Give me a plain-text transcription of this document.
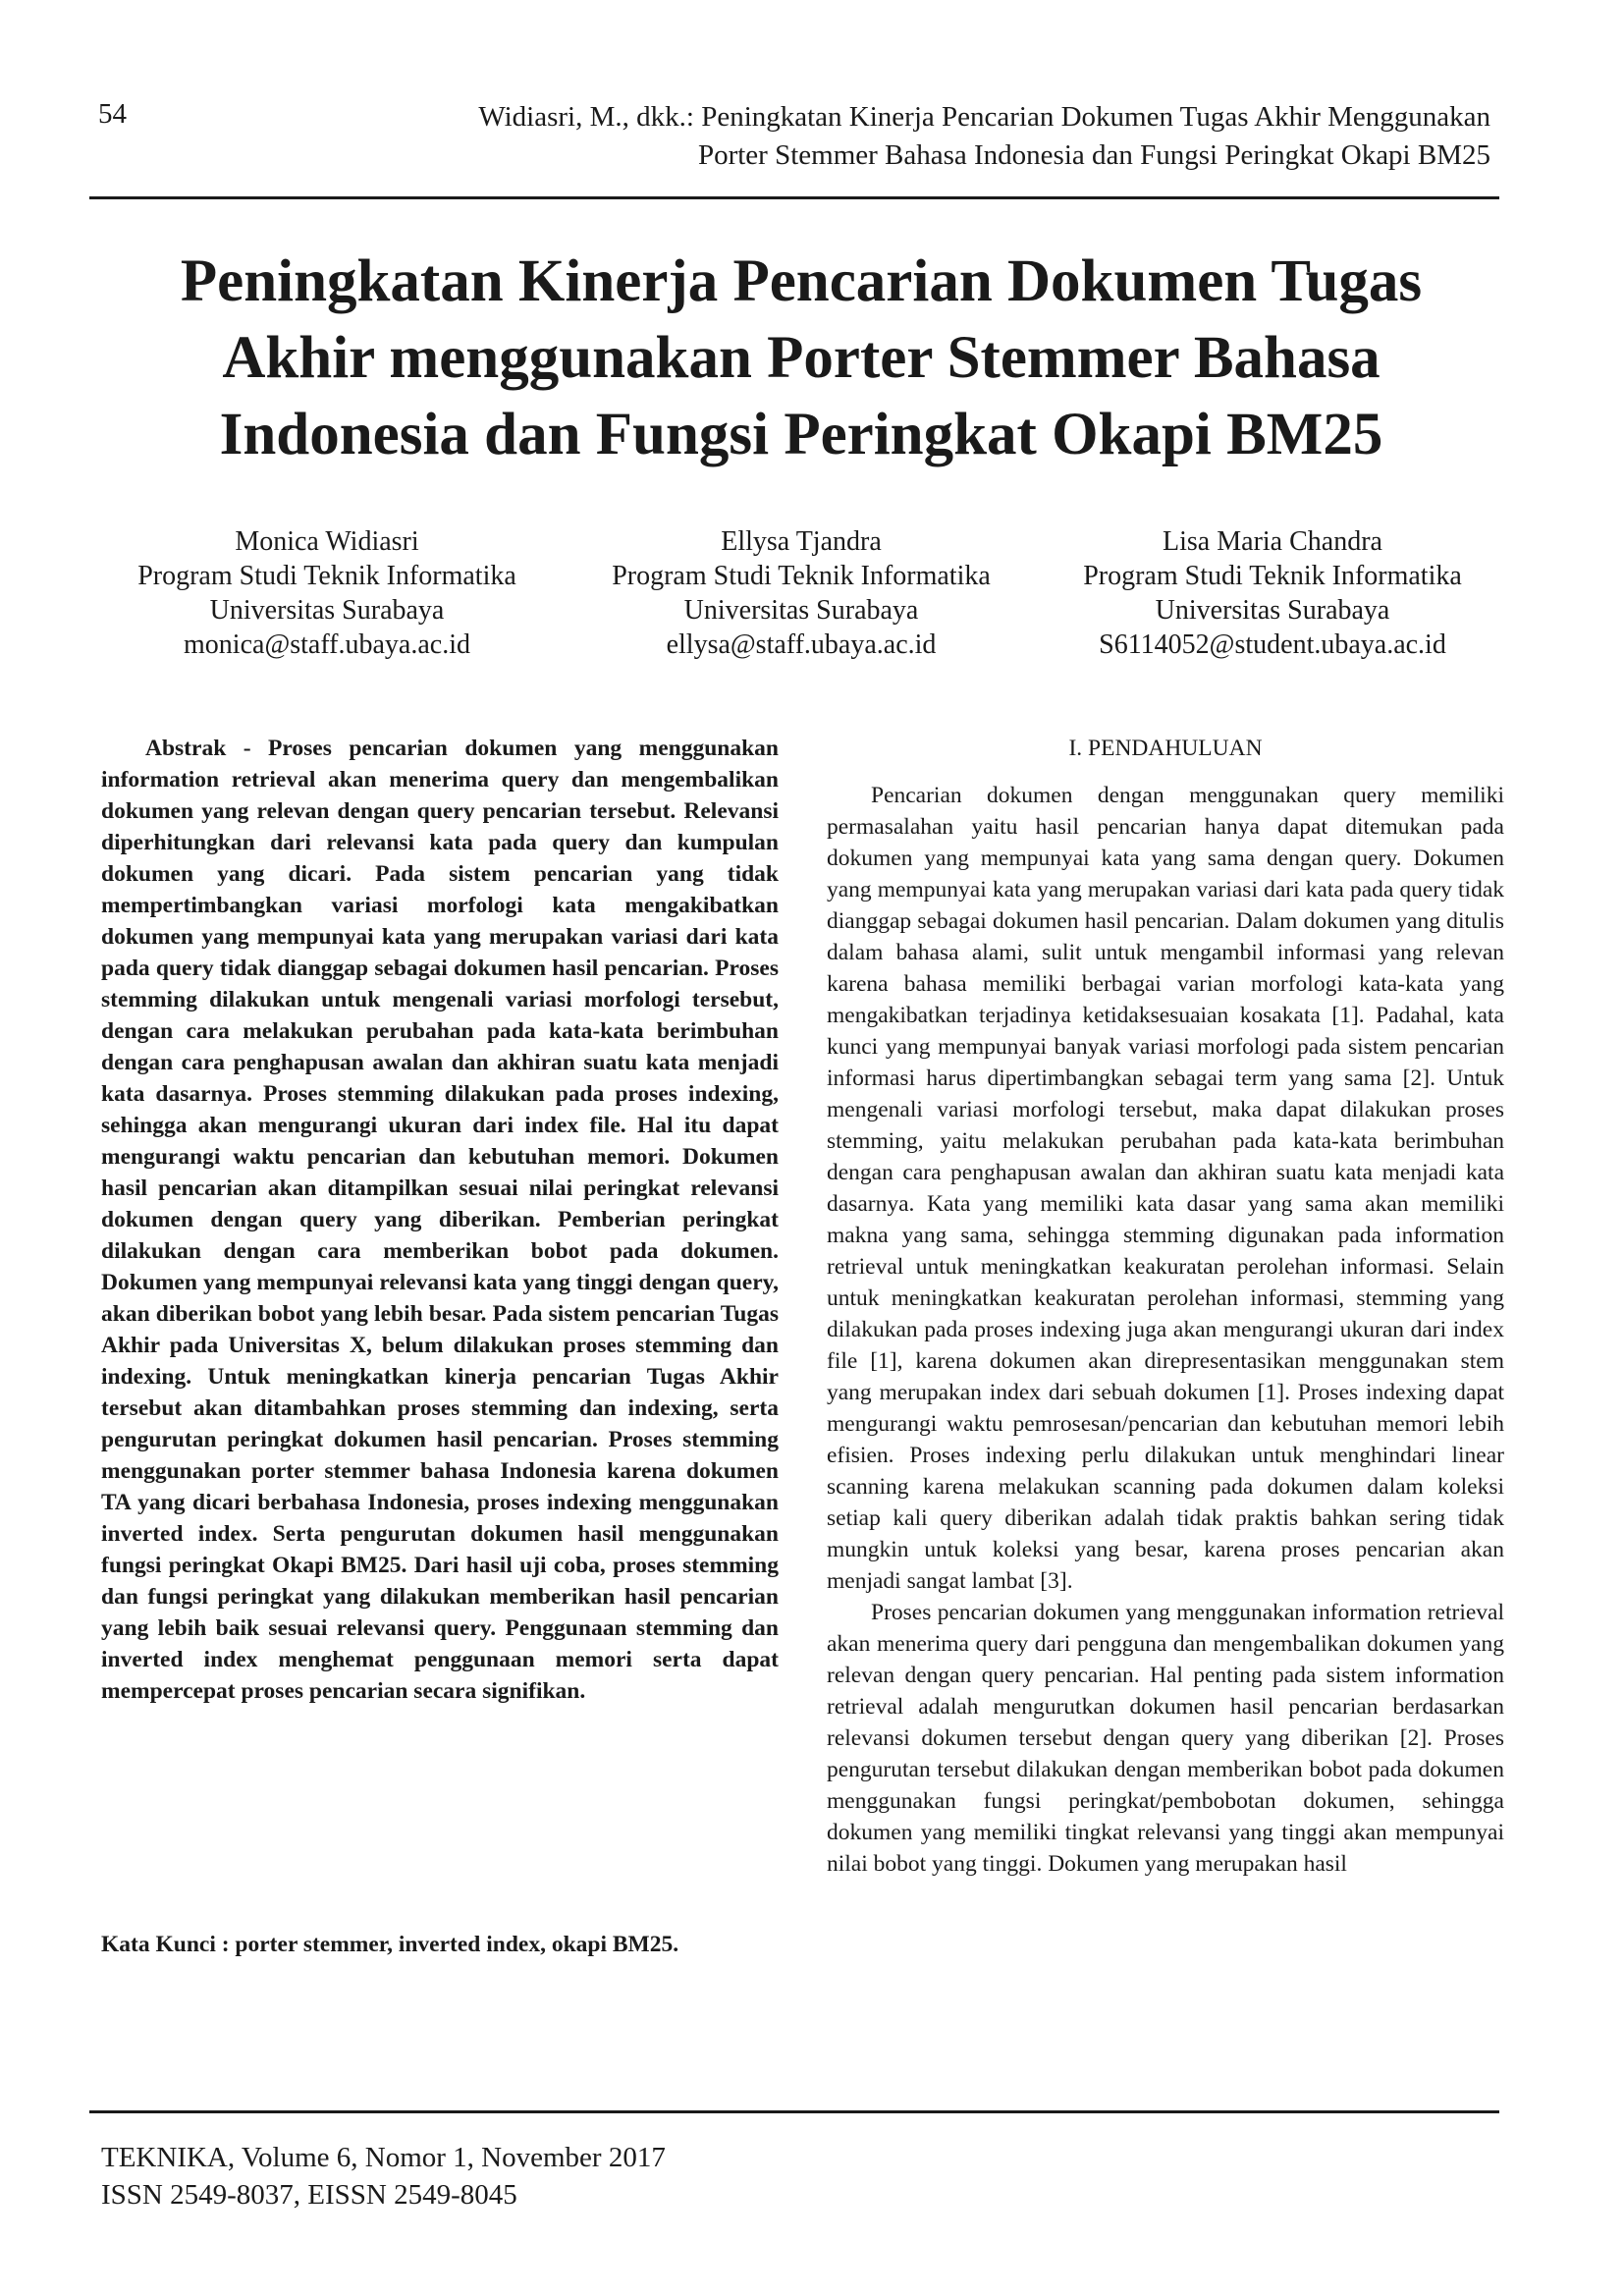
54	Widiasri, M., dkk.: Peningkatan Kinerja Pencarian Dokumen Tugas Akhir Menggunakan
Porter Stemmer Bahasa Indonesia dan Fungsi Peringkat Okapi BM25
Peningkatan Kinerja Pencarian Dokumen Tugas
Akhir menggunakan Porter Stemmer Bahasa
Indonesia dan Fungsi Peringkat Okapi BM25
Monica Widiasri
Program Studi Teknik Informatika
Universitas Surabaya
monica@staff.ubaya.ac.id
Ellysa Tjandra
Program Studi Teknik Informatika
Universitas Surabaya
ellysa@staff.ubaya.ac.id
Lisa Maria Chandra
Program Studi Teknik Informatika
Universitas Surabaya
S6114052@student.ubaya.ac.id

Abstrak - Proses pencarian dokumen yang menggunakan information retrieval akan menerima query dan mengembalikan dokumen yang relevan dengan query pencarian tersebut. Relevansi diperhitungkan dari relevansi kata pada query dan kumpulan dokumen yang dicari. Pada sistem pencarian yang tidak mempertimbangkan variasi morfologi kata mengakibatkan dokumen yang mempunyai kata yang merupakan variasi dari kata pada query tidak dianggap sebagai dokumen hasil pencarian. Proses stemming dilakukan untuk mengenali variasi morfologi tersebut, dengan cara melakukan perubahan pada kata-kata berimbuhan dengan cara penghapusan awalan dan akhiran suatu kata menjadi kata dasarnya. Proses stemming dilakukan pada proses indexing, sehingga akan mengurangi ukuran dari index file. Hal itu dapat mengurangi waktu pencarian dan kebutuhan memori. Dokumen hasil pencarian akan ditampilkan sesuai nilai peringkat relevansi dokumen dengan query yang diberikan. Pemberian peringkat dilakukan dengan cara memberikan bobot pada dokumen. Dokumen yang mempunyai relevansi kata yang tinggi dengan query, akan diberikan bobot yang lebih besar. Pada sistem pencarian Tugas Akhir pada Universitas X, belum dilakukan proses stemming dan indexing. Untuk meningkatkan kinerja pencarian Tugas Akhir tersebut akan ditambahkan proses stemming dan indexing, serta pengurutan peringkat dokumen hasil pencarian. Proses stemming menggunakan porter stemmer bahasa Indonesia karena dokumen TA yang dicari berbahasa Indonesia, proses indexing menggunakan inverted index. Serta pengurutan dokumen hasil menggunakan fungsi peringkat Okapi BM25. Dari hasil uji coba, proses stemming dan fungsi peringkat yang dilakukan memberikan hasil pencarian yang lebih baik sesuai relevansi query. Penggunaan stemming dan inverted index menghemat penggunaan memori serta dapat mempercepat proses pencarian secara signifikan.

Kata Kunci : porter stemmer, inverted index, okapi BM25.
I. PENDAHULUAN

Pencarian dokumen dengan menggunakan query memiliki permasalahan yaitu hasil pencarian hanya dapat ditemukan pada dokumen yang mempunyai kata yang sama dengan query. Dokumen yang mempunyai kata yang merupakan variasi dari kata pada query tidak dianggap sebagai dokumen hasil pencarian. Dalam dokumen yang ditulis dalam bahasa alami, sulit untuk mengambil informasi yang relevan karena bahasa memiliki berbagai varian morfologi kata-kata yang mengakibatkan terjadinya ketidaksesuaian kosakata [1]. Padahal, kata kunci yang mempunyai banyak variasi morfologi pada sistem pencarian informasi harus dipertimbangkan sebagai term yang sama [2]. Untuk mengenali variasi morfologi tersebut, maka dapat dilakukan proses stemming, yaitu melakukan perubahan pada kata-kata berimbuhan dengan cara penghapusan awalan dan akhiran suatu kata menjadi kata dasarnya. Kata yang memiliki kata dasar yang sama akan memiliki makna yang sama, sehingga stemming digunakan pada information retrieval untuk meningkatkan keakuratan perolehan informasi. Selain untuk meningkatkan keakuratan perolehan informasi, stemming yang dilakukan pada proses indexing juga akan mengurangi ukuran dari index file [1], karena dokumen akan direpresentasikan menggunakan stem yang merupakan index dari sebuah dokumen [1]. Proses indexing dapat mengurangi waktu pemrosesan/pencarian dan kebutuhan memori lebih efisien. Proses indexing perlu dilakukan untuk menghindari linear scanning karena melakukan scanning pada dokumen dalam koleksi setiap kali query diberikan adalah tidak praktis bahkan sering tidak mungkin untuk koleksi yang besar, karena proses pencarian akan menjadi sangat lambat [3].

Proses pencarian dokumen yang menggunakan information retrieval akan menerima query dari pengguna dan mengembalikan dokumen yang relevan dengan query pencarian. Hal penting pada sistem information retrieval adalah mengurutkan dokumen hasil pencarian berdasarkan relevansi dokumen tersebut dengan query yang diberikan [2]. Proses pengurutan tersebut dilakukan dengan memberikan bobot pada dokumen menggunakan fungsi peringkat/pembobotan dokumen, sehingga dokumen yang memiliki tingkat relevansi yang tinggi akan mempunyai nilai bobot yang tinggi. Dokumen yang merupakan hasil

TEKNIKA, Volume 6, Nomor 1, November 2017
ISSN 2549-8037, EISSN 2549-8045
